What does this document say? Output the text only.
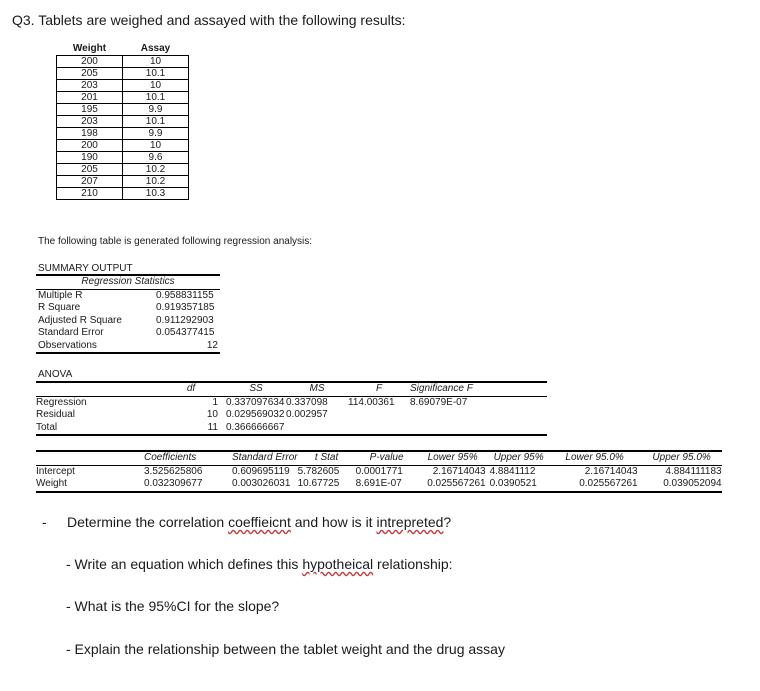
Q3. Tablets are weighed and assayed with the following results:
Weight	Assay
200	10
205	10.1
203	10
201	10.1
195	9.9
203	10.1
198	9.9
200	10
190	9.6
205	10.2
207	10.2
210	10.3
The following table is generated following regression analysis:
SUMMARY OUTPUT
Regression Statistics	
Multiple R	0.958831155
R Square	0.919357185
Adjusted R Square	0.911292903
Standard Error	0.054377415
Observations	12
ANOVA
	df	SS	MS	F	Significance F	
Regression	1	0.337097634	0.337098	114.00361	8.69079E-07	
Residual	10	0.029569032	0.002957			
Total	11	0.366666667				
	Coefficients	Standard Error	t Stat	P-value	Lower 95%	Upper 95%	Lower 95.0%	Upper 95.0%
Intercept	3.525625806	0.609695119	5.782605	0.0001771	2.16714043	4.8841112	2.16714043	4.884111183
Weight	0.032309677	0.003026031	10.67725	8.691E-07	0.025567261	0.0390521	0.025567261	0.039052094
- Determine the correlation coeffieicnt and how is it intrepreted?
- Write an equation which defines this hypotheical relationship:
- What is the 95%CI for the slope?
- Explain the relationship between the tablet weight and the drug assay
